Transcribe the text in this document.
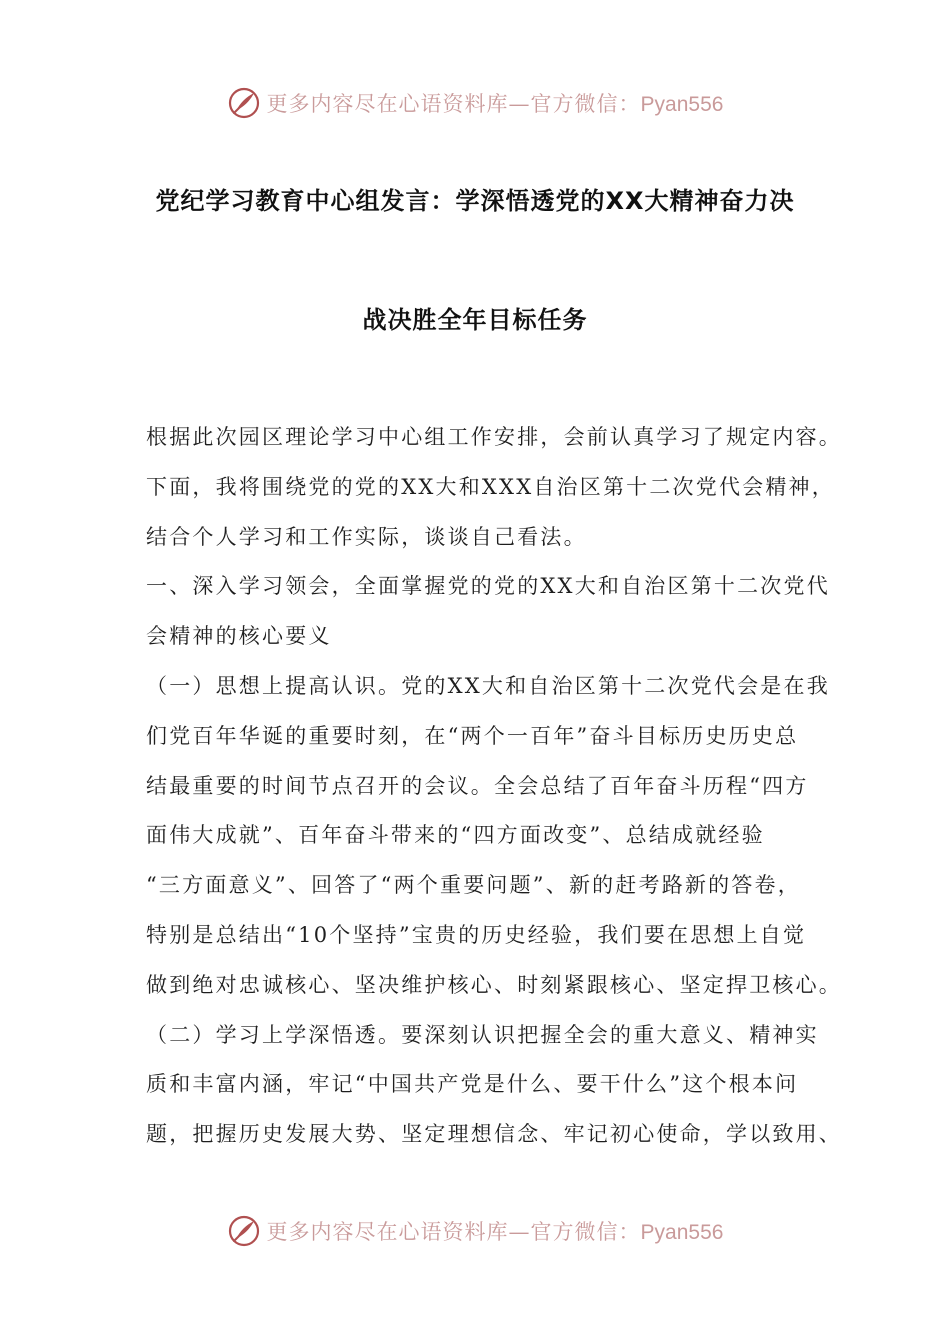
更多内容尽在心语资料库—官方微信：Pyan556
党纪学习教育中心组发言：学深悟透党的XX大精神奋力决
战决胜全年目标任务
根据此次园区理论学习中心组工作安排，会前认真学习了规定内容。
下面，我将围绕党的党的XX大和XXX自治区第十二次党代会精神，
结合个人学习和工作实际，谈谈自己看法。
一、深入学习领会，全面掌握党的党的XX大和自治区第十二次党代
会精神的核心要义
（一）思想上提高认识。党的XX大和自治区第十二次党代会是在我
们党百年华诞的重要时刻，在“两个一百年”奋斗目标历史历史总
结最重要的时间节点召开的会议。全会总结了百年奋斗历程“四方
面伟大成就”、百年奋斗带来的“四方面改变”、总结成就经验
“三方面意义”、回答了“两个重要问题”、新的赶考路新的答卷，
特别是总结出“10个坚持”宝贵的历史经验，我们要在思想上自觉
做到绝对忠诚核心、坚决维护核心、时刻紧跟核心、坚定捍卫核心。
（二）学习上学深悟透。要深刻认识把握全会的重大意义、精神实
质和丰富内涵，牢记“中国共产党是什么、要干什么”这个根本问
题，把握历史发展大势、坚定理想信念、牢记初心使命，学以致用、
更多内容尽在心语资料库—官方微信：Pyan556
